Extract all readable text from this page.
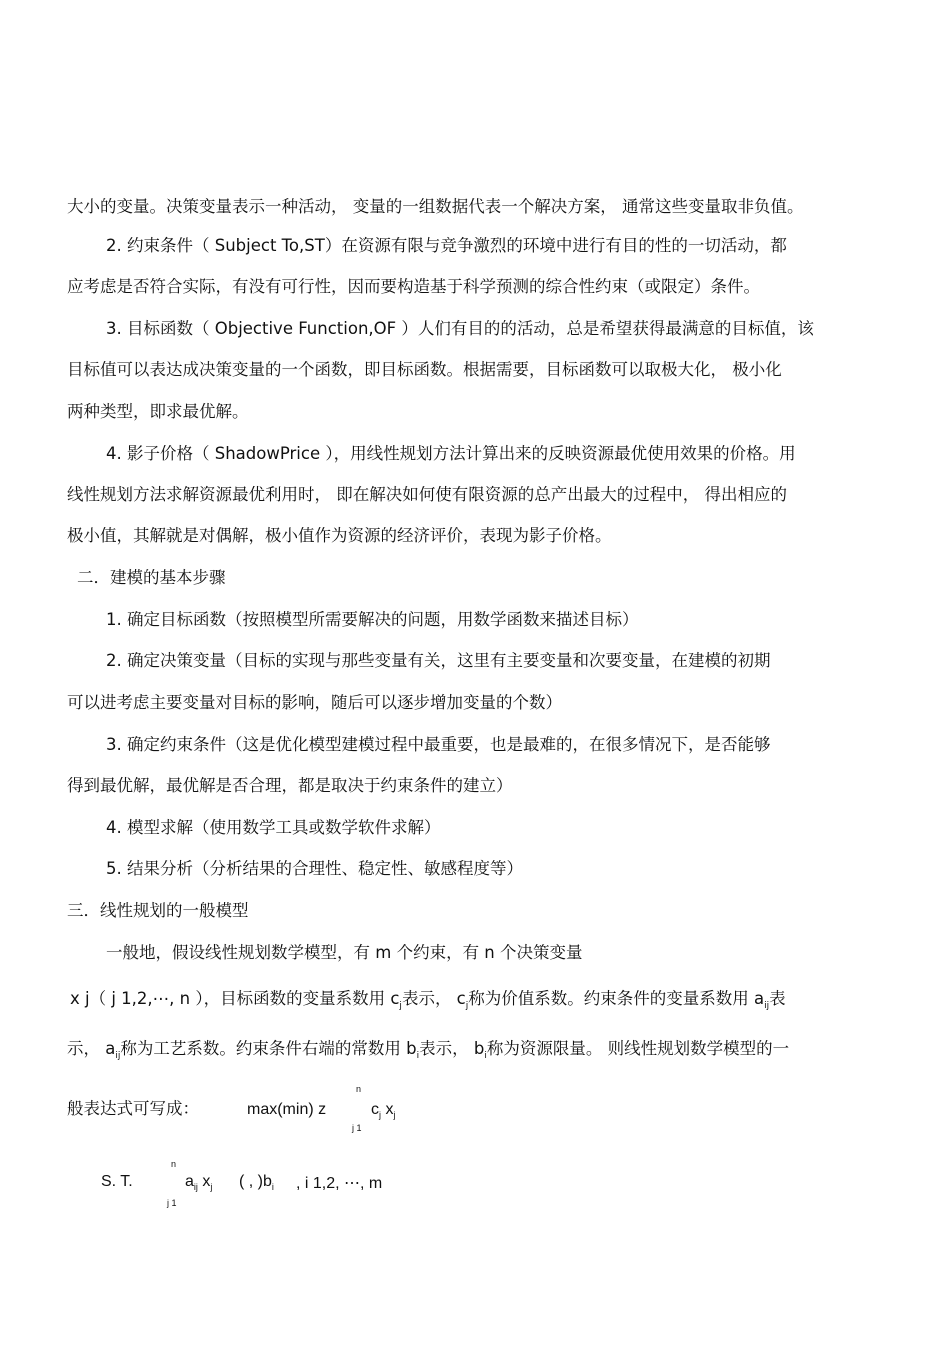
大小的变量。决策变量表示一种活动， 变量的一组数据代表一个解决方案， 通常这些变量取非负值。
2. 约束条件（ Subject To,ST）在资源有限与竞争激烈的环境中进行有目的性的一切活动，都
应考虑是否符合实际，有没有可行性，因而要构造基于科学预测的综合性约束（或限定）条件。
3. 目标函数（ Objective Function,OF ）人们有目的的活动，总是希望获得最满意的目标值，该
目标值可以表达成决策变量的一个函数，即目标函数。根据需要，目标函数可以取极大化， 极小化
两种类型，即求最优解。
4. 影子价格（ ShadowPrice ），用线性规划方法计算出来的反映资源最优使用效果的价格。用
线性规划方法求解资源最优利用时， 即在解决如何使有限资源的总产出最大的过程中， 得出相应的
极小值，其解就是对偶解，极小值作为资源的经济评价，表现为影子价格。
二．建模的基本步骤
1. 确定目标函数（按照模型所需要解决的问题，用数学函数来描述目标）
2. 确定决策变量（目标的实现与那些变量有关，这里有主要变量和次要变量，在建模的初期
可以进考虑主要变量对目标的影响，随后可以逐步增加变量的个数）
3. 确定约束条件（这是优化模型建模过程中最重要，也是最难的，在很多情况下，是否能够
得到最优解，最优解是否合理，都是取决于约束条件的建立）
4. 模型求解（使用数学工具或数学软件求解）
5. 结果分析（分析结果的合理性、稳定性、敏感程度等）
三．线性规划的一般模型
一般地，假设线性规划数学模型，有 m 个约束，有 n 个决策变量
x j（ j 1,2,⋯, n ），目标函数的变量系数用 $c_j$表示， $c_j$称为价值系数。约束条件的变量系数用 $a_{ij}$表
示， $a_{ij}$称为工艺系数。约束条件右端的常数用 $b_i$表示， $b_i$称为资源限量。 则线性规划数学模型的一
般表达式可写成：	max(min) z
n
j 1
$c_j$ $x_j$
S. T.
n
j 1
$a_{ij}$ $x_j$ ( , )$b_i$ , i 1,2, ⋯, m
